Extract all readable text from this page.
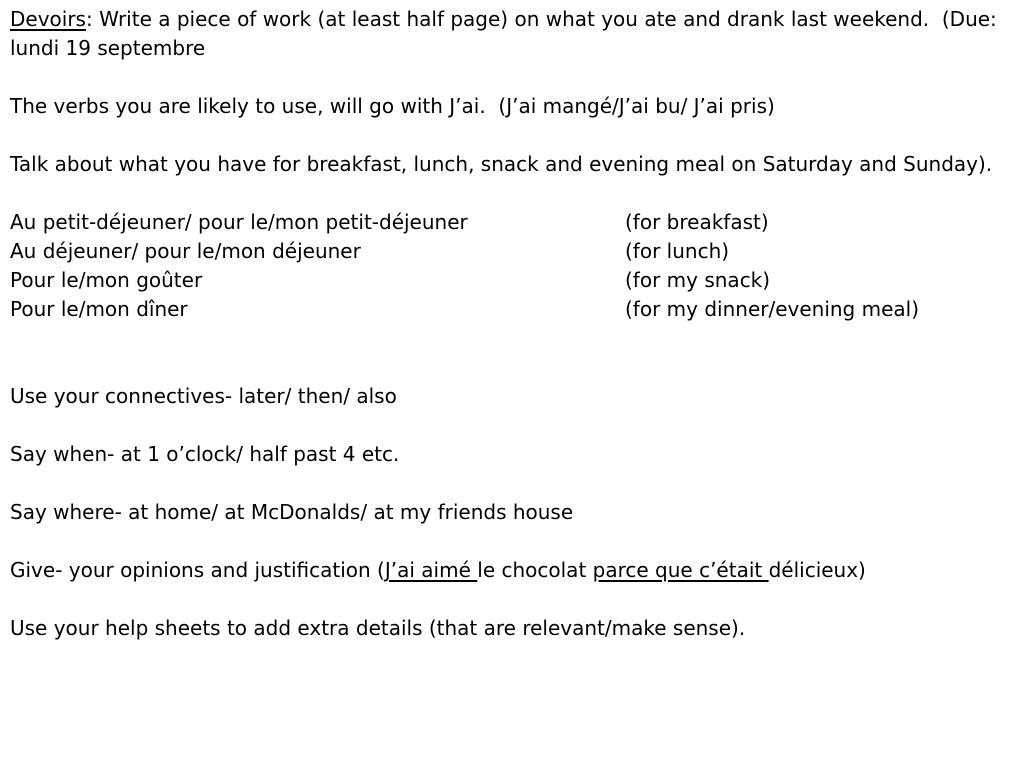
Devoirs: Write a piece of work (at least half page) on what you ate and drank last weekend.  (Due: lundi 19 septembre

The verbs you are likely to use, will go with J’ai.  (J’ai mangé/J’ai bu/ J’ai pris)

Talk about what you have for breakfast, lunch, snack and evening meal on Saturday and Sunday).

Au petit-déjeuner/ pour le/mon petit-déjeuner	(for breakfast)
Au déjeuner/ pour le/mon déjeuner	(for lunch)
Pour le/mon goûter	(for my snack)
Pour le/mon dîner	(for my dinner/evening meal)

Use your connectives- later/ then/ also

Say when- at 1 o’clock/ half past 4 etc.

Say where- at home/ at McDonalds/ at my friends house

Give- your opinions and justification (J’ai aimé le chocolat parce que c’était délicieux)

Use your help sheets to add extra details (that are relevant/make sense).
